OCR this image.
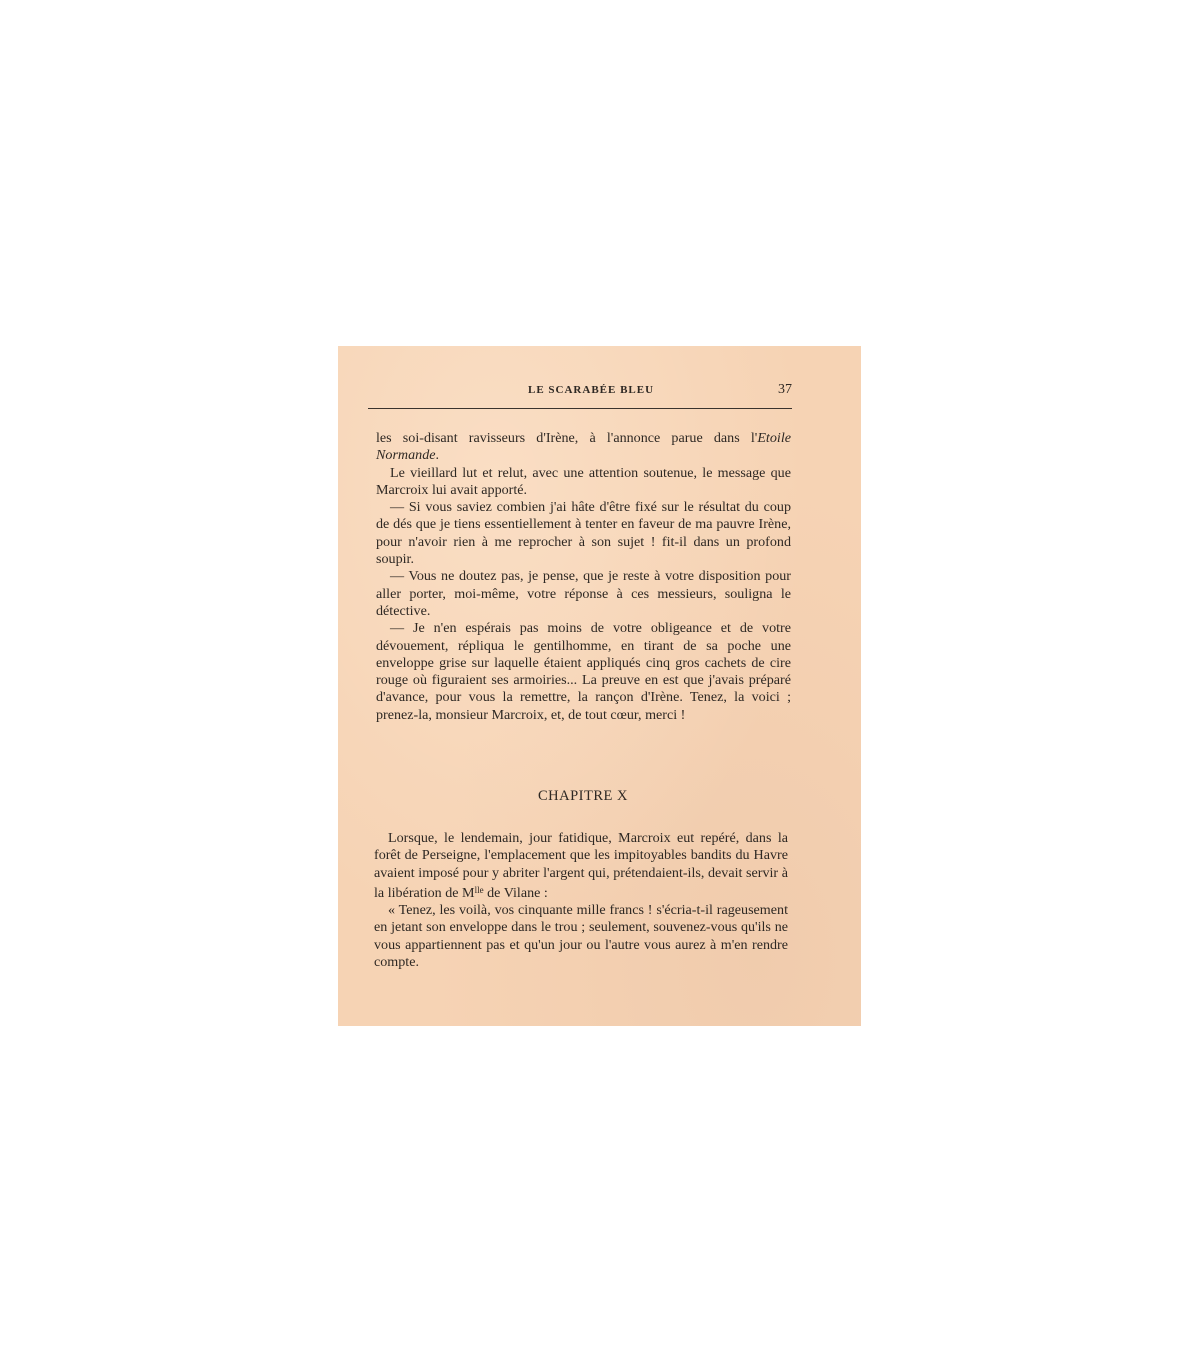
LE SCARABÉE BLEU	37

les soi-disant ravisseurs d'Irène, à l'annonce parue dans l'Etoile Normande.

Le vieillard lut et relut, avec une attention soutenue, le message que Marcroix lui avait apporté.

— Si vous saviez combien j'ai hâte d'être fixé sur le résultat du coup de dés que je tiens essentiellement à tenter en faveur de ma pauvre Irène, pour n'avoir rien à me reprocher à son sujet ! fit-il dans un profond soupir.

— Vous ne doutez pas, je pense, que je reste à votre disposition pour aller porter, moi-même, votre réponse à ces messieurs, souligna le détective.

— Je n'en espérais pas moins de votre obligeance et de votre dévouement, répliqua le gentilhomme, en tirant de sa poche une enveloppe grise sur laquelle étaient appliqués cinq gros cachets de cire rouge où figuraient ses armoiries... La preuve en est que j'avais préparé d'avance, pour vous la remettre, la rançon d'Irène. Tenez, la voici ; prenez-la, monsieur Marcroix, et, de tout cœur, merci !

CHAPITRE X

Lorsque, le lendemain, jour fatidique, Marcroix eut repéré, dans la forêt de Perseigne, l'emplacement que les impitoyables bandits du Havre avaient imposé pour y abriter l'argent qui, prétendaient-ils, devait servir à la libération de $M^{lle}$ de Vilane :

« Tenez, les voilà, vos cinquante mille francs ! s'écria-t-il rageusement en jetant son enveloppe dans le trou ; seulement, souvenez-vous qu'ils ne vous appartiennent pas et qu'un jour ou l'autre vous aurez à m'en rendre compte.
